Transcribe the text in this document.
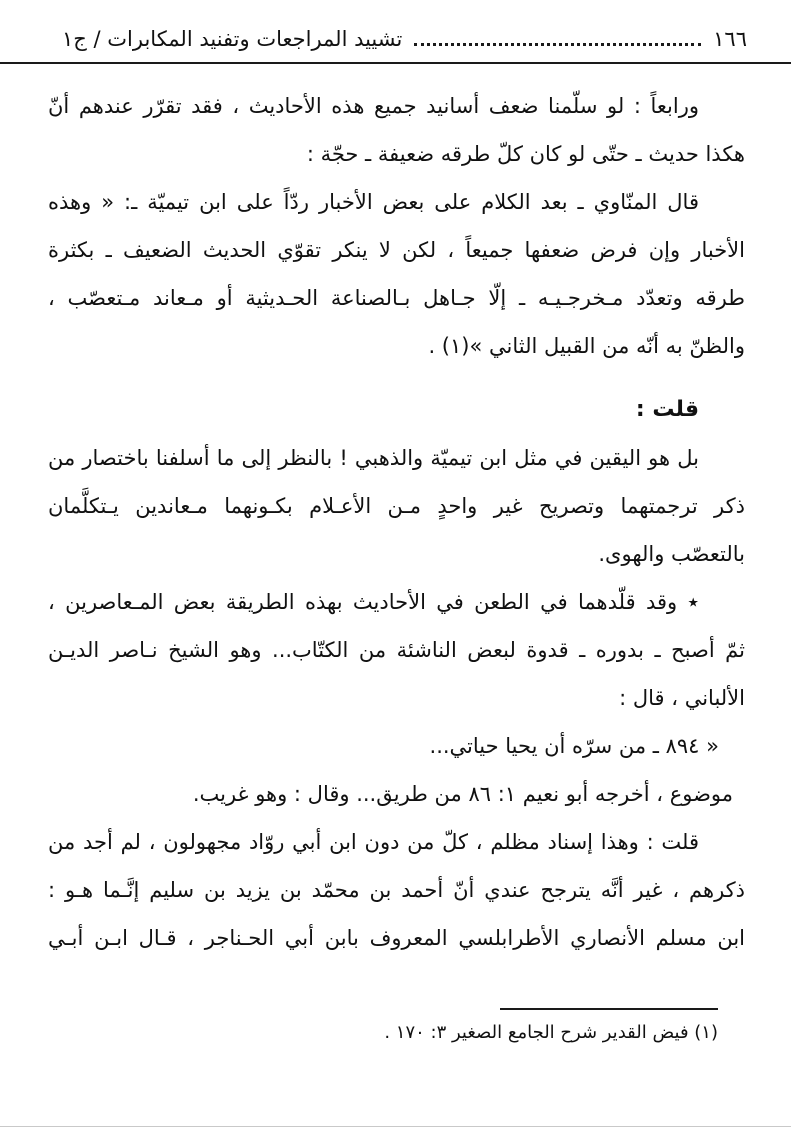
١٦٦
تشييد المراجعات وتفنيد المكابرات / ج١
ورابعاً : لو سلّمنا ضعف أسانيد جميع هذه الأحاديث ، فقد تقرّر عندهم أنّ
هكذا حديث ـ حتّى لو كان كلّ طرقه ضعيفة ـ حجّة :
قال المنّاوي ـ بعد الكلام على بعض الأخبار ردّاً على ابن تيميّة ـ: « وهذه
الأخبار وإن فرض ضعفها جميعاً ، لكن لا ينكر تقوّي الحديث الضعيف ـ بكثرة
طرقه وتعدّد مـخرجـيـه ـ إلّا جـاهل بـالصناعة الحـديثية أو مـعاند مـتعصّب ،
والظنّ به أنّه من القبيل الثاني »(١) .
قلت :
بل هو اليقين في مثل ابن تيميّة والذهبي ! بالنظر إلى ما أسلفنا باختصار من
ذكر ترجمتهما وتصريح غير واحدٍ مـن الأعـلام بكـونهما مـعاندين يـتكلَّمان
بالتعصّب والهوى.
٭ وقد قلّدهما في الطعن في الأحاديث بهذه الطريقة بعض المـعاصرين ،
ثمّ أصبح ـ بدوره ـ قدوة لبعض الناشئة من الكتّاب... وهو الشيخ نـاصر الديـن
الألباني ، قال :
« ٨٩٤ ـ من سرّه أن يحيا حياتي...
موضوع ، أخرجه أبو نعيم ١: ٨٦ من طريق... وقال : وهو غريب.
قلت : وهذا إسناد مظلم ، كلّ من دون ابن أبي روّاد مجهولون ، لم أجد من
ذكرهم ، غير أنَّه يترجح عندي أنّ أحمد بن محمّد بن يزيد بن سليم إنَّـما هـو :
ابن مسلم الأنصاري الأطرابلسي المعروف بابن أبي الحـناجر ، قـال ابـن أبـي
(١) فيض القدير شرح الجامع الصغير ٣: ١٧٠ .
